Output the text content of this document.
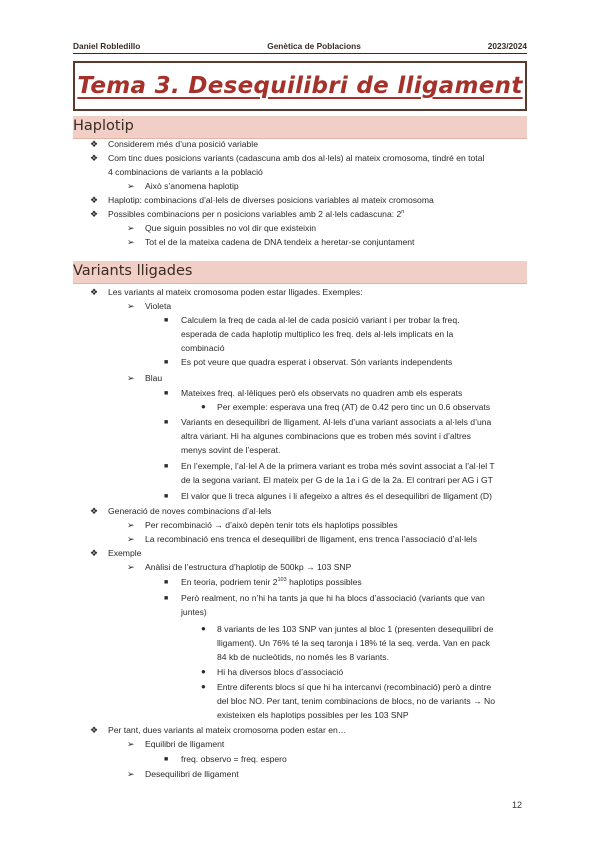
Daniel Robledillo	Genètica de Poblacions	2023/2024
Tema 3. Desequilibri de lligament
Haplotip
❖ Considerem més d’una posició variable
❖ Com tinc dues posicions variants (cadascuna amb dos al·lels) al mateix cromosoma, tindré en total
4 combinacions de variants a la població
➢ Això s’anomena haplotip
❖ Haplotip: combinacions d’al·lels de diverses posicions variables al mateix cromosoma
❖ Possibles combinacions per n posicions variables amb 2 al·lels cadascuna: 2$^n$
➢ Que siguin possibles no vol dir que existeixin
➢ Tot el de la mateixa cadena de DNA tendeix a heretar-se conjuntament
Variants lligades
❖ Les variants al mateix cromosoma poden estar lligades. Exemples:
➢ Violeta
■ Calculem la freq de cada al·lel de cada posició variant i per trobar la freq.
esperada de cada haplotip multiplico les freq. dels al·lels implicats en la
combinació
■ Es pot veure que quadra esperat i observat. Són variants independents
➢ Blau
■ Mateixes freq. al·lèliques però els observats no quadren amb els esperats
● Per exemple: esperava una freq (AT) de 0.42 pero tinc un 0.6 observats
■ Variants en desequilibri de lligament. Al·lels d’una variant associats a al·lels d’una
altra variant. Hi ha algunes combinacions que es troben més sovint i d’altres
menys sovint de l’esperat.
■ En l’exemple, l’al·lel A de la primera variant es troba més sovint associat a l’al·lel T
de la segona variant. El mateix per G de la 1a i G de la 2a. El contrari per AG i GT
■ El valor que li treca algunes i li afegeixo a altres és el desequilibri de lligament (D)
❖ Generació de noves combinacions d’al·lels
➢ Per recombinació → d’això depèn tenir tots els haplotips possibles
➢ La recombinació ens trenca el desequilibri de lligament, ens trenca l’associació d’al·lels
❖ Exemple
➢ Anàlisi de l’estructura d’haplotip de 500kp → 103 SNP
■ En teoria, podriem tenir $2^{103}$ haplotips possibles
■ Però realment, no n’hi ha tants ja que hi ha blocs d’associació (variants que van
juntes)
● 8 variants de les 103 SNP van juntes al bloc 1 (presenten desequilibri de
lligament). Un 76% té la seq taronja i 18% té la seq. verda. Van en pack
84 kb de nucleòtids, no només les 8 variants.
● Hi ha diversos blocs d’associació
● Entre diferents blocs sí que hi ha intercanvi (recombinació) però a dintre
del bloc NO. Per tant, tenim combinacions de blocs, no de variants → No
existeixen els haplotips possibles per les 103 SNP
❖ Per tant, dues variants al mateix cromosoma poden estar en…
➢ Equilibri de lligament
■ freq. observo = freq. espero
➢ Desequilibri de lligament
12
